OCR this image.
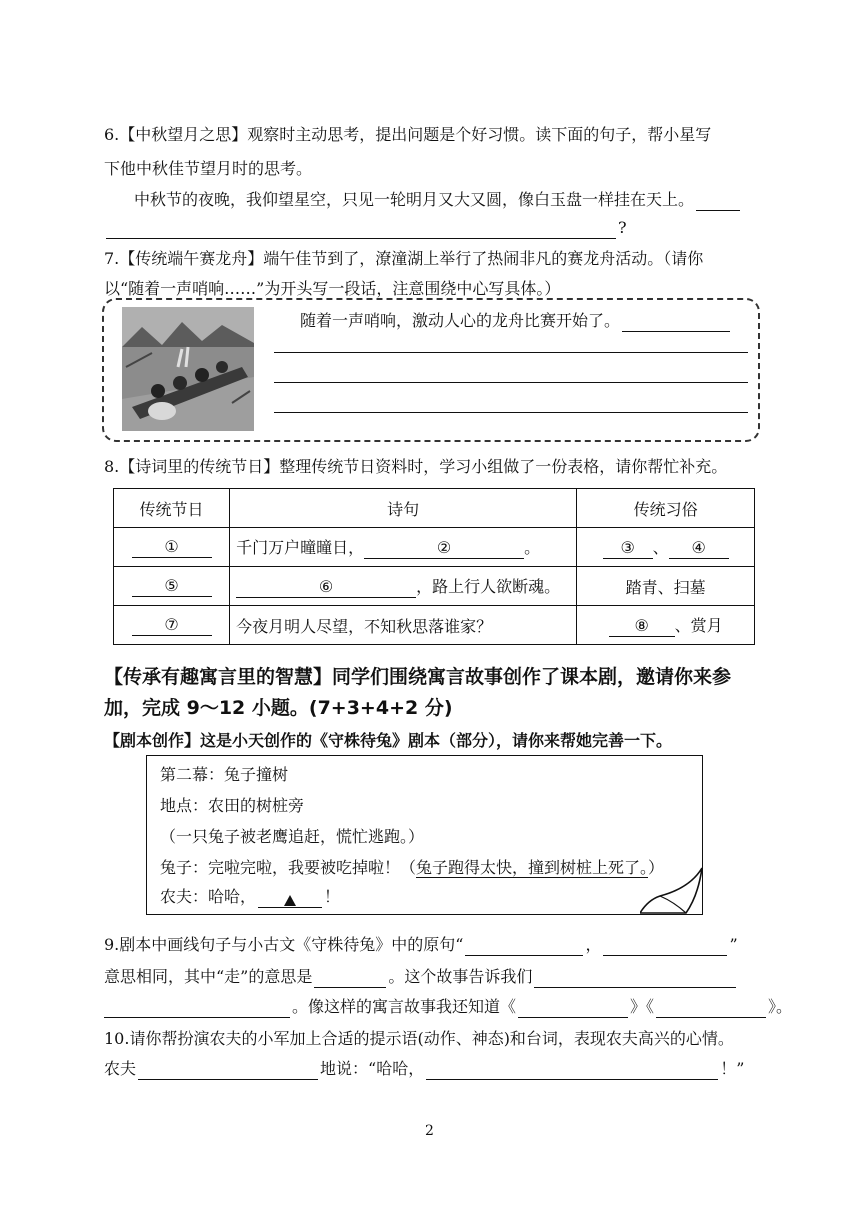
6.【中秋望月之思】观察时主动思考，提出问题是个好习惯。读下面的句子，帮小星写
下他中秋佳节望月时的思考。
中秋节的夜晚，我仰望星空，只见一轮明月又大又圆，像白玉盘一样挂在天上。
?
7.【传统端午赛龙舟】端午佳节到了，潦潼湖上举行了热闹非凡的赛龙舟活动。（请你
以“随着一声哨响……”为开头写一段话，注意围绕中心写具体。）
随着一声哨响，激动人心的龙舟比赛开始了。
8.【诗词里的传统节日】整理传统节日资料时，学习小组做了一份表格，请你帮忙补充。
传统节日	诗句	传统习俗
①	千门万户曈曈日， ② 。	③ 、 ④
⑤	⑥ ，路上行人欲断魂。	踏青、扫墓
⑦	今夜月明人尽望，不知秋思落谁家？	⑧ 、赏月
【传承有趣寓言里的智慧】同学们围绕寓言故事创作了课本剧，邀请你来参
加，完成 9～12 小题。(7+3+4+2 分)
【剧本创作】这是小天创作的《守株待兔》剧本（部分），请你来帮她完善一下。
第二幕：兔子撞树
地点：农田的树桩旁
（一只兔子被老鹰追赶，慌忙逃跑。）
兔子：完啦完啦，我要被吃掉啦！（兔子跑得太快，撞到树桩上死了。）
农夫：哈哈，	！
9.剧本中画线句子与小古文《守株待兔》中的原句“	，	”
意思相同，其中“走”的意思是	。这个故事告诉我们
。像这样的寓言故事我还知道《	》《	》。
10.请你帮扮演农夫的小军加上合适的提示语(动作、神态)和台词，表现农夫高兴的心情。
农夫	地说：“哈哈，	！”
2
